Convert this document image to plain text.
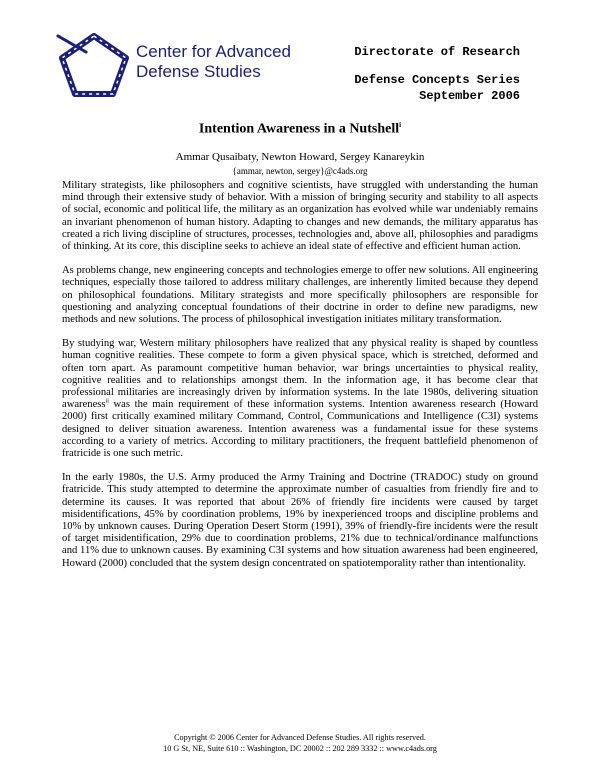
Center for Advanced
Defense Studies
Directorate of Research
Defense Concepts Series
September 2006
Intention Awareness in a Nutshell$^i$
Ammar Qusaibaty, Newton Howard, Sergey Kanareykin
{ammar, newton, sergey}@c4ads.org

Military strategists, like philosophers and cognitive scientists, have struggled with understanding the human mind through their extensive study of behavior. With a mission of bringing security and stability to all aspects of social, economic and political life, the military as an organization has evolved while war undeniably remains an invariant phenomenon of human history. Adapting to changes and new demands, the military apparatus has created a rich living discipline of structures, processes, technologies and, above all, philosophies and paradigms of thinking. At its core, this discipline seeks to achieve an ideal state of effective and efficient human action.

As problems change, new engineering concepts and technologies emerge to offer new solutions. All engineering techniques, especially those tailored to address military challenges, are inherently limited because they depend on philosophical foundations. Military strategists and more specifically philosophers are responsible for questioning and analyzing conceptual foundations of their doctrine in order to define new paradigms, new methods and new solutions. The process of philosophical investigation initiates military transformation.

By studying war, Western military philosophers have realized that any physical reality is shaped by countless human cognitive realities. These compete to form a given physical space, which is stretched, deformed and often torn apart. As paramount competitive human behavior, war brings uncertainties to physical reality, cognitive realities and to relationships amongst them. In the information age, it has become clear that professional militaries are increasingly driven by information systems. In the late 1980s, delivering situation awareness$^{ii}$ was the main requirement of these information systems. Intention awareness research (Howard 2000) first critically examined military Command, Control, Communications and Intelligence (C3I) systems designed to deliver situation awareness. Intention awareness was a fundamental issue for these systems according to a variety of metrics. According to military practitioners, the frequent battlefield phenomenon of fratricide is one such metric.

In the early 1980s, the U.S. Army produced the Army Training and Doctrine (TRADOC) study on ground fratricide. This study attempted to determine the approximate number of casualties from friendly fire and to determine its causes. It was reported that about 26% of friendly fire incidents were caused by target misidentifications, 45% by coordination problems, 19% by inexperienced troops and discipline problems and 10% by unknown causes. During Operation Desert Storm (1991), 39% of friendly-fire incidents were the result of target misidentification, 29% due to coordination problems, 21% due to technical/ordinance malfunctions and 11% due to unknown causes. By examining C3I systems and how situation awareness had been engineered, Howard (2000) concluded that the system design concentrated on spatiotemporality rather than intentionality.

Copyright © 2006 Center for Advanced Defense Studies. All rights reserved.
10 G St, NE, Suite 610 :: Washington, DC 20002 :: 202 289 3332 :: www.c4ads.org
